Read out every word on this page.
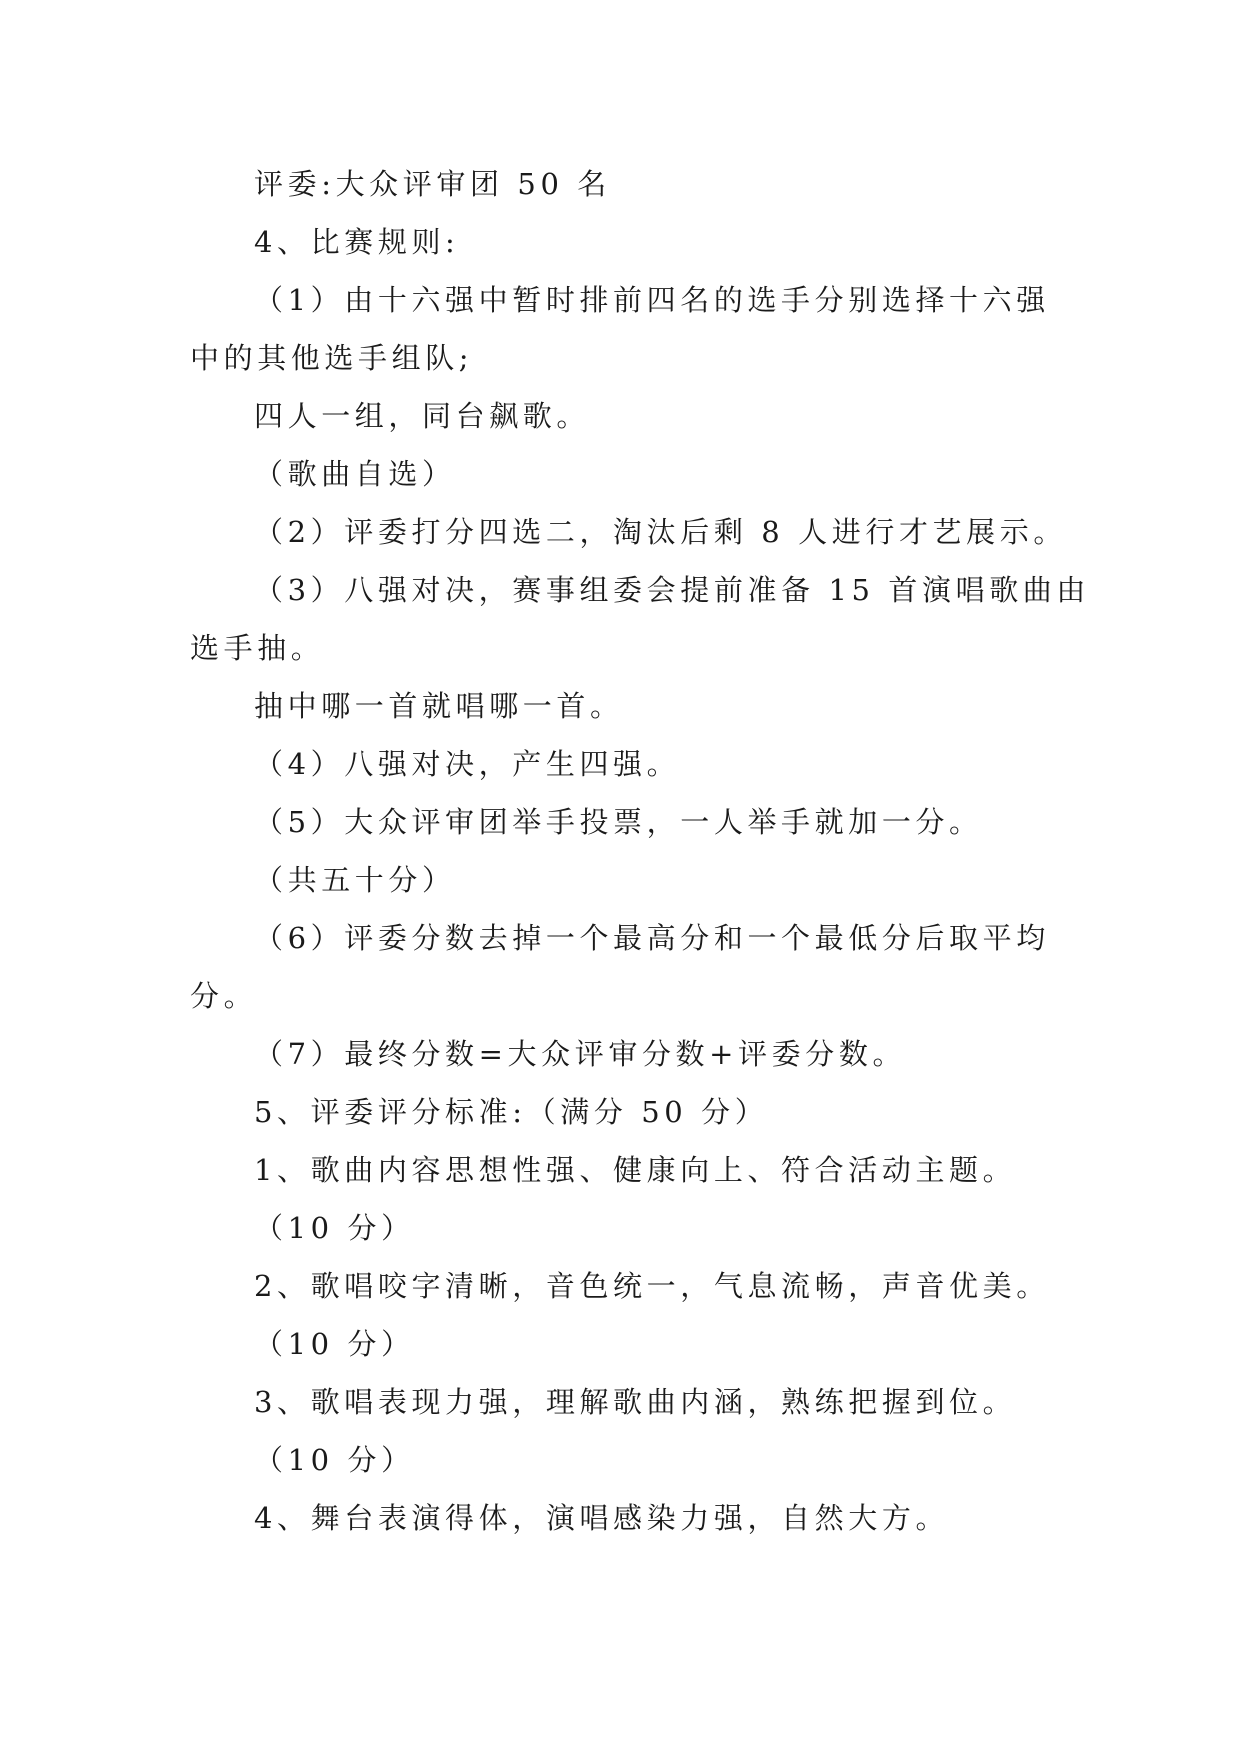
评委:大众评审团 50 名

4、比赛规则:

（1）由十六强中暂时排前四名的选手分别选择十六强

中的其他选手组队;

四人一组，同台飙歌。

（歌曲自选）

（2）评委打分四选二，淘汰后剩 8 人进行才艺展示。

（3）八强对决，赛事组委会提前准备 15 首演唱歌曲由

选手抽。

抽中哪一首就唱哪一首。

（4）八强对决，产生四强。

（5）大众评审团举手投票，一人举手就加一分。

（共五十分）

（6）评委分数去掉一个最高分和一个最低分后取平均

分。

（7）最终分数=大众评审分数+评委分数。

5、评委评分标准:（满分 50 分）

1、歌曲内容思想性强、健康向上、符合活动主题。

（10 分）

2、歌唱咬字清晰，音色统一，气息流畅，声音优美。

（10 分）

3、歌唱表现力强，理解歌曲内涵，熟练把握到位。

（10 分）

4、舞台表演得体，演唱感染力强，自然大方。
